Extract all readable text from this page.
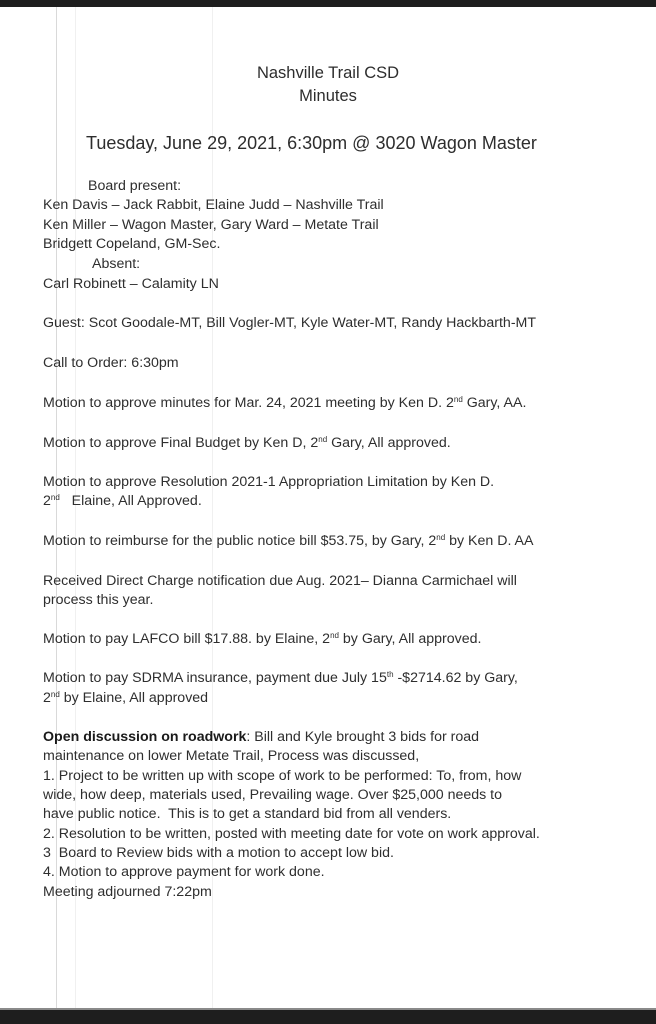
Nashville Trail CSD
Minutes
Tuesday, June 29, 2021, 6:30pm @ 3020 Wagon Master
Board present:
Ken Davis – Jack Rabbit, Elaine Judd – Nashville Trail
Ken Miller – Wagon Master, Gary Ward – Metate Trail
Bridgett Copeland, GM-Sec.
Absent:
Carl Robinett – Calamity LN
Guest: Scot Goodale-MT, Bill Vogler-MT, Kyle Water-MT, Randy Hackbarth-MT
Call to Order: 6:30pm
Motion to approve minutes for Mar. 24, 2021 meeting by Ken D. 2nd Gary, AA.
Motion to approve Final Budget by Ken D, 2nd Gary, All approved.
Motion to approve Resolution 2021-1 Appropriation Limitation by Ken D.
2nd   Elaine, All Approved.
Motion to reimburse for the public notice bill $53.75, by Gary, 2nd by Ken D. AA
Received Direct Charge notification due Aug. 2021– Dianna Carmichael will
process this year.
Motion to pay LAFCO bill $17.88. by Elaine, 2nd by Gary, All approved.
Motion to pay SDRMA insurance, payment due July 15th -$2714.62 by Gary,
2nd by Elaine, All approved
Open discussion on roadwork: Bill and Kyle brought 3 bids for road
maintenance on lower Metate Trail, Process was discussed,
1. Project to be written up with scope of work to be performed: To, from, how
wide, how deep, materials used, Prevailing wage. Over $25,000 needs to
have public notice.  This is to get a standard bid from all venders.
2. Resolution to be written, posted with meeting date for vote on work approval.
3  Board to Review bids with a motion to accept low bid.
4. Motion to approve payment for work done.
Meeting adjourned 7:22pm
